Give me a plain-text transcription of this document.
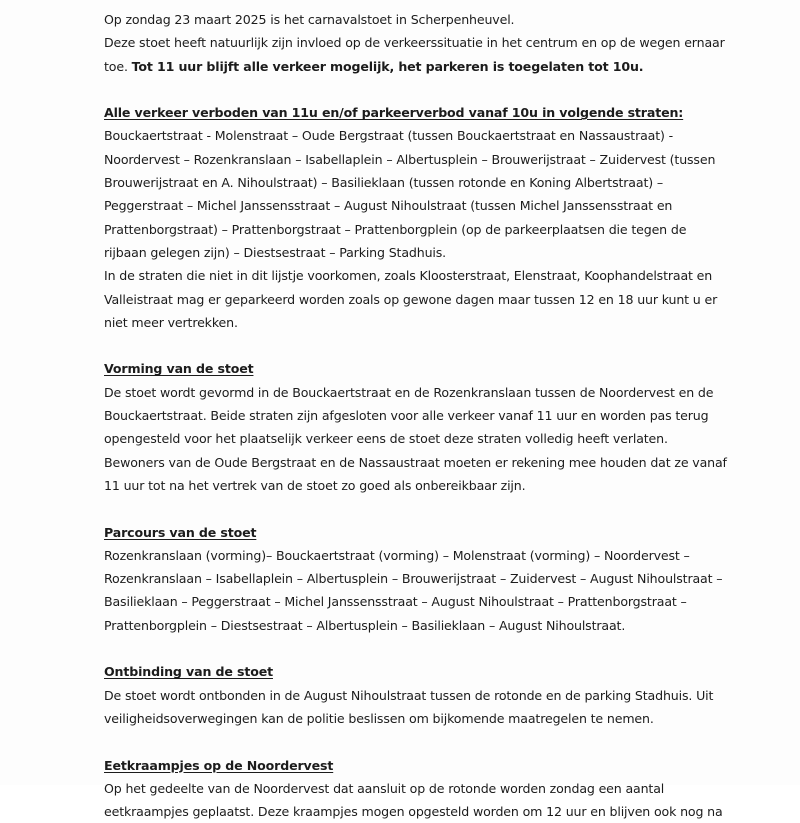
Op zondag 23 maart 2025 is het carnavalstoet in Scherpenheuvel.
Deze stoet heeft natuurlijk zijn invloed op de verkeerssituatie in het centrum en op de wegen ernaar
toe. Tot 11 uur blijft alle verkeer mogelijk, het parkeren is toegelaten tot 10u.
Alle verkeer verboden van 11u en/of parkeerverbod vanaf 10u in volgende straten:
Bouckaertstraat - Molenstraat – Oude Bergstraat (tussen Bouckaertstraat en Nassaustraat) -
Noordervest – Rozenkranslaan – Isabellaplein – Albertusplein – Brouwerijstraat – Zuidervest (tussen
Brouwerijstraat en A. Nihoulstraat) – Basilieklaan (tussen rotonde en Koning Albertstraat) –
Peggerstraat – Michel Janssensstraat – August Nihoulstraat (tussen Michel Janssensstraat en
Prattenborgstraat) – Prattenborgstraat – Prattenborgplein (op de parkeerplaatsen die tegen de
rijbaan gelegen zijn) – Diestsestraat – Parking Stadhuis.
In de straten die niet in dit lijstje voorkomen, zoals Kloosterstraat, Elenstraat, Koophandelstraat en
Valleistraat mag er geparkeerd worden zoals op gewone dagen maar tussen 12 en 18 uur kunt u er
niet meer vertrekken.
Vorming van de stoet
De stoet wordt gevormd in de Bouckaertstraat en de Rozenkranslaan tussen de Noordervest en de
Bouckaertstraat. Beide straten zijn afgesloten voor alle verkeer vanaf 11 uur en worden pas terug
opengesteld voor het plaatselijk verkeer eens de stoet deze straten volledig heeft verlaten.
Bewoners van de Oude Bergstraat en de Nassaustraat moeten er rekening mee houden dat ze vanaf
11 uur tot na het vertrek van de stoet zo goed als onbereikbaar zijn.
Parcours van de stoet
Rozenkranslaan (vorming)– Bouckaertstraat (vorming) – Molenstraat (vorming) – Noordervest –
Rozenkranslaan – Isabellaplein – Albertusplein – Brouwerijstraat – Zuidervest – August Nihoulstraat –
Basilieklaan – Peggerstraat – Michel Janssensstraat – August Nihoulstraat – Prattenborgstraat –
Prattenborgplein – Diestsestraat – Albertusplein – Basilieklaan – August Nihoulstraat.
Ontbinding van de stoet
De stoet wordt ontbonden in de August Nihoulstraat tussen de rotonde en de parking Stadhuis. Uit
veiligheidsoverwegingen kan de politie beslissen om bijkomende maatregelen te nemen.
Eetkraampjes op de Noordervest
Op het gedeelte van de Noordervest dat aansluit op de rotonde worden zondag een aantal
eetkraampjes geplaatst. Deze kraampjes mogen opgesteld worden om 12 uur en blijven ook nog na
